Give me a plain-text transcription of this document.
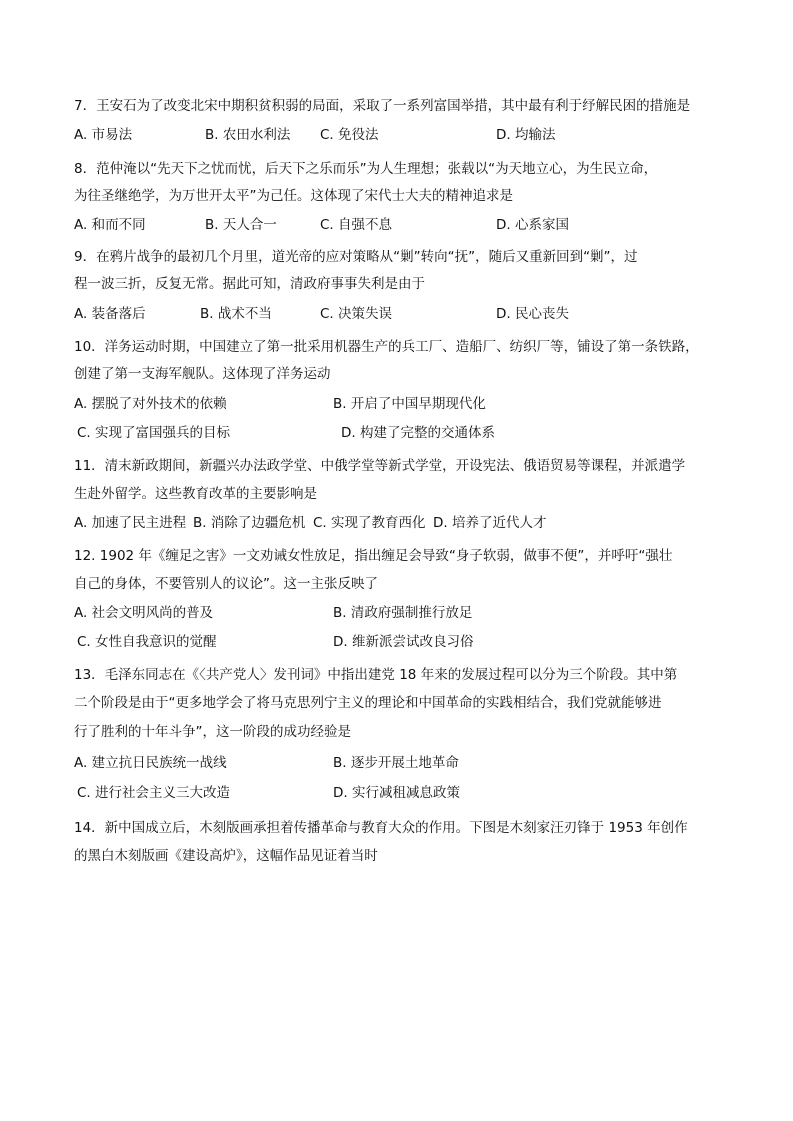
7．王安石为了改变北宋中期积贫积弱的局面，采取了一系列富国举措，其中最有利于纾解民困的措施是
A. 市易法	B. 农田水利法 C. 免役法	D. 均输法
8．范仲淹以“先天下之忧而忧，后天下之乐而乐”为人生理想；张载以“为天地立心，为生民立命，
为往圣继绝学，为万世开太平”为己任。这体现了宋代士大夫的精神追求是
A. 和而不同	B. 天人合一	C. 自强不息	D. 心系家国
9．在鸦片战争的最初几个月里，道光帝的应对策略从“剿”转向“抚”，随后又重新回到“剿”，过
程一波三折，反复无常。据此可知，清政府事事失利是由于
A. 装备落后	B. 战术不当	C. 决策失误	D. 民心丧失
10．洋务运动时期，中国建立了第一批采用机器生产的兵工厂、造船厂、纺织厂等，铺设了第一条铁路，
创建了第一支海军舰队。这体现了洋务运动
A. 摆脱了对外技术的依赖	B. 开启了中国早期现代化
C. 实现了富国强兵的目标	D. 构建了完整的交通体系
11．清末新政期间，新疆兴办法政学堂、中俄学堂等新式学堂，开设宪法、俄语贸易等课程，并派遣学
生赴外留学。这些教育改革的主要影响是
A. 加速了民主进程 B. 消除了边疆危机 C. 实现了教育西化 D. 培养了近代人才
12. 1902 年《缠足之害》一文劝诫女性放足，指出缠足会导致“身子软弱，做事不便”，并呼吁“强壮
自己的身体，不要管别人的议论”。这一主张反映了
A. 社会文明风尚的普及	B. 清政府强制推行放足
C. 女性自我意识的觉醒	D. 维新派尝试改良习俗
13．毛泽东同志在《〈共产党人〉发刊词》中指出建党 18 年来的发展过程可以分为三个阶段。其中第
二个阶段是由于“更多地学会了将马克思列宁主义的理论和中国革命的实践相结合，我们党就能够进
行了胜利的十年斗争”，这一阶段的成功经验是
A. 建立抗日民族统一战线	B. 逐步开展土地革命
C. 进行社会主义三大改造	D. 实行减租减息政策
14．新中国成立后，木刻版画承担着传播革命与教育大众的作用。下图是木刻家汪刃锋于 1953 年创作
的黑白木刻版画《建设高炉》，这幅作品见证着当时
